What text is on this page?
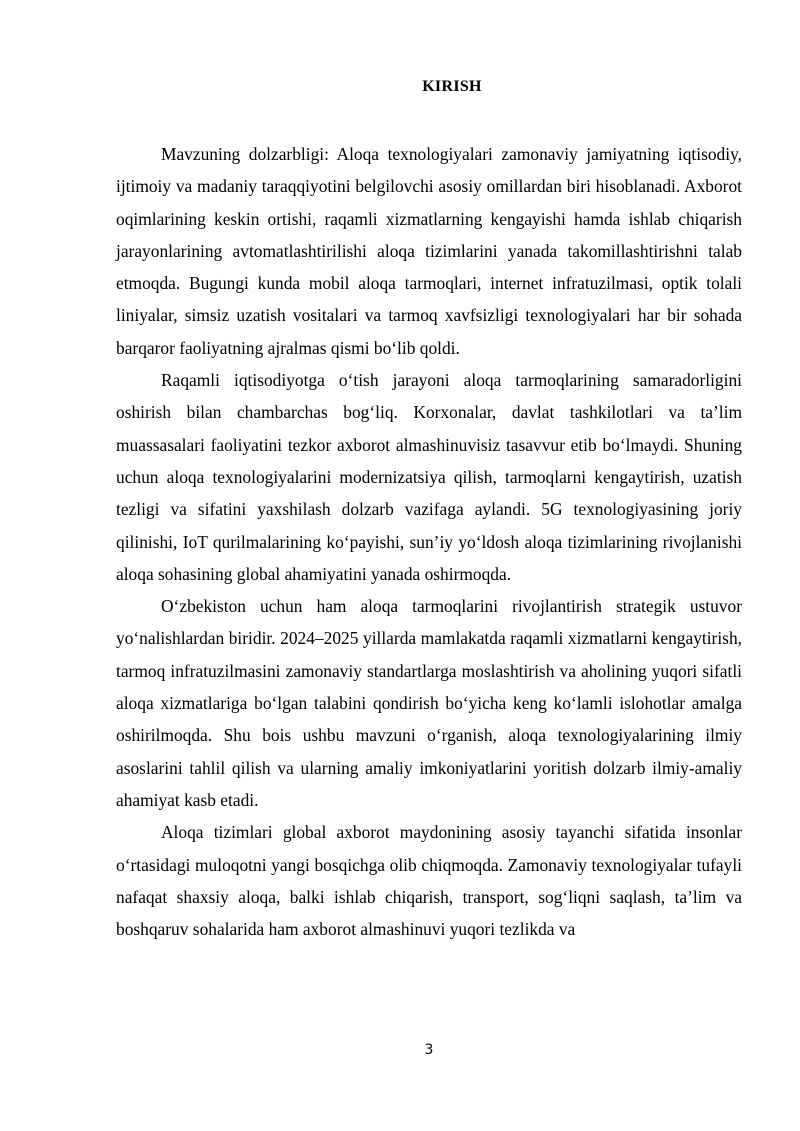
KIRISH

Mavzuning dolzarbligi: Aloqa texnologiyalari zamonaviy jamiyatning iqtisodiy, ijtimoiy va madaniy taraqqiyotini belgilovchi asosiy omillardan biri hisoblanadi. Axborot oqimlarining keskin ortishi, raqamli xizmatlarning kengayishi hamda ishlab chiqarish jarayonlarining avtomatlashtirilishi aloqa tizimlarini yanada takomillashtirishni talab etmoqda. Bugungi kunda mobil aloqa tarmoqlari, internet infratuzilmasi, optik tolali liniyalar, simsiz uzatish vositalari va tarmoq xavfsizligi texnologiyalari har bir sohada barqaror faoliyatning ajralmas qismi bo‘lib qoldi.

Raqamli iqtisodiyotga o‘tish jarayoni aloqa tarmoqlarining samaradorligini oshirish bilan chambarchas bog‘liq. Korxonalar, davlat tashkilotlari va ta’lim muassasalari faoliyatini tezkor axborot almashinuvisiz tasavvur etib bo‘lmaydi. Shuning uchun aloqa texnologiyalarini modernizatsiya qilish, tarmoqlarni kengaytirish, uzatish tezligi va sifatini yaxshilash dolzarb vazifaga aylandi. 5G texnologiyasining joriy qilinishi, IoT qurilmalarining ko‘payishi, sun’iy yo‘ldosh aloqa tizimlarining rivojlanishi aloqa sohasining global ahamiyatini yanada oshirmoqda.

O‘zbekiston uchun ham aloqa tarmoqlarini rivojlantirish strategik ustuvor yo‘nalishlardan biridir. 2024–2025 yillarda mamlakatda raqamli xizmatlarni kengaytirish, tarmoq infratuzilmasini zamonaviy standartlarga moslashtirish va aholining yuqori sifatli aloqa xizmatlariga bo‘lgan talabini qondirish bo‘yicha keng ko‘lamli islohotlar amalga oshirilmoqda. Shu bois ushbu mavzuni o‘rganish, aloqa texnologiyalarining ilmiy asoslarini tahlil qilish va ularning amaliy imkoniyatlarini yoritish dolzarb ilmiy-amaliy ahamiyat kasb etadi.

Aloqa tizimlari global axborot maydonining asosiy tayanchi sifatida insonlar o‘rtasidagi muloqotni yangi bosqichga olib chiqmoqda. Zamonaviy texnologiyalar tufayli nafaqat shaxsiy aloqa, balki ishlab chiqarish, transport, sog‘liqni saqlash, ta’lim va boshqaruv sohalarida ham axborot almashinuvi yuqori tezlikda va

3
